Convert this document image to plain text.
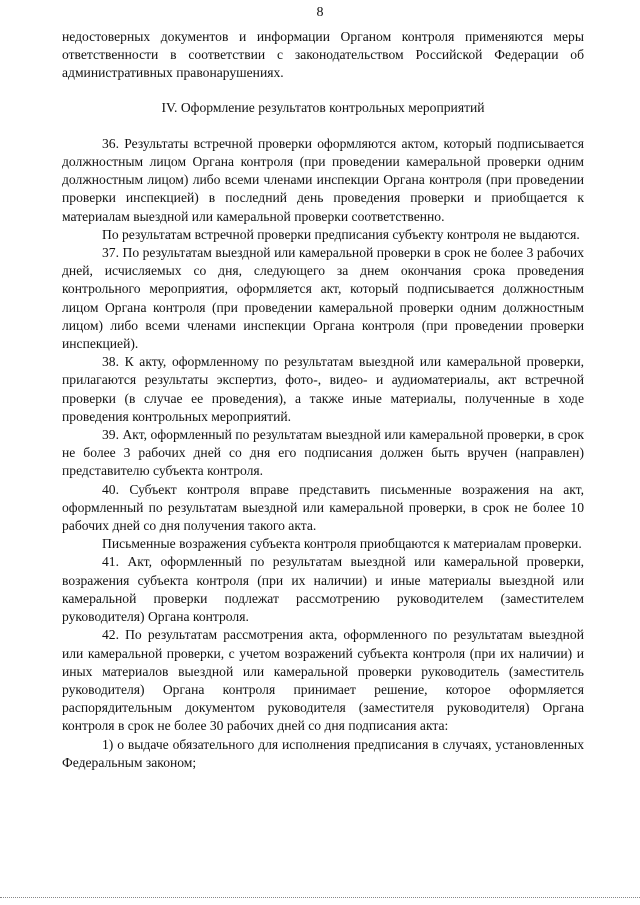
8

недостоверных документов и информации Органом контроля применяются меры ответственности в соответствии с законодательством Российской Федерации об административных правонарушениях.

IV. Оформление результатов контрольных мероприятий

36. Результаты встречной проверки оформляются актом, который подписывается должностным лицом Органа контроля (при проведении камеральной проверки одним должностным лицом) либо всеми членами инспекции Органа контроля (при проведении проверки инспекцией) в последний день проведения проверки и приобщается к материалам выездной или камеральной проверки соответственно.

По результатам встречной проверки предписания субъекту контроля не выдаются.

37. По результатам выездной или камеральной проверки в срок не более 3 рабочих дней, исчисляемых со дня, следующего за днем окончания срока проведения контрольного мероприятия, оформляется акт, который подписывается должностным лицом Органа контроля (при проведении камеральной проверки одним должностным лицом) либо всеми членами инспекции Органа контроля (при проведении проверки инспекцией).

38. К акту, оформленному по результатам выездной или камеральной проверки, прилагаются результаты экспертиз, фото-, видео- и аудиоматериалы, акт встречной проверки (в случае ее проведения), а также иные материалы, полученные в ходе проведения контрольных мероприятий.

39. Акт, оформленный по результатам выездной или камеральной проверки, в срок не более 3 рабочих дней со дня его подписания должен быть вручен (направлен) представителю субъекта контроля.

40. Субъект контроля вправе представить письменные возражения на акт, оформленный по результатам выездной или камеральной проверки, в срок не более 10 рабочих дней со дня получения такого акта.

Письменные возражения субъекта контроля приобщаются к материалам проверки.

41. Акт, оформленный по результатам выездной или камеральной проверки, возражения субъекта контроля (при их наличии) и иные материалы выездной или камеральной проверки подлежат рассмотрению руководителем (заместителем руководителя) Органа контроля.

42. По результатам рассмотрения акта, оформленного по результатам выездной или камеральной проверки, с учетом возражений субъекта контроля (при их наличии) и иных материалов выездной или камеральной проверки руководитель (заместитель руководителя) Органа контроля принимает решение, которое оформляется распорядительным документом руководителя (заместителя руководителя) Органа контроля в срок не более 30 рабочих дней со дня подписания акта:

1) о выдаче обязательного для исполнения предписания в случаях, установленных Федеральным законом;
